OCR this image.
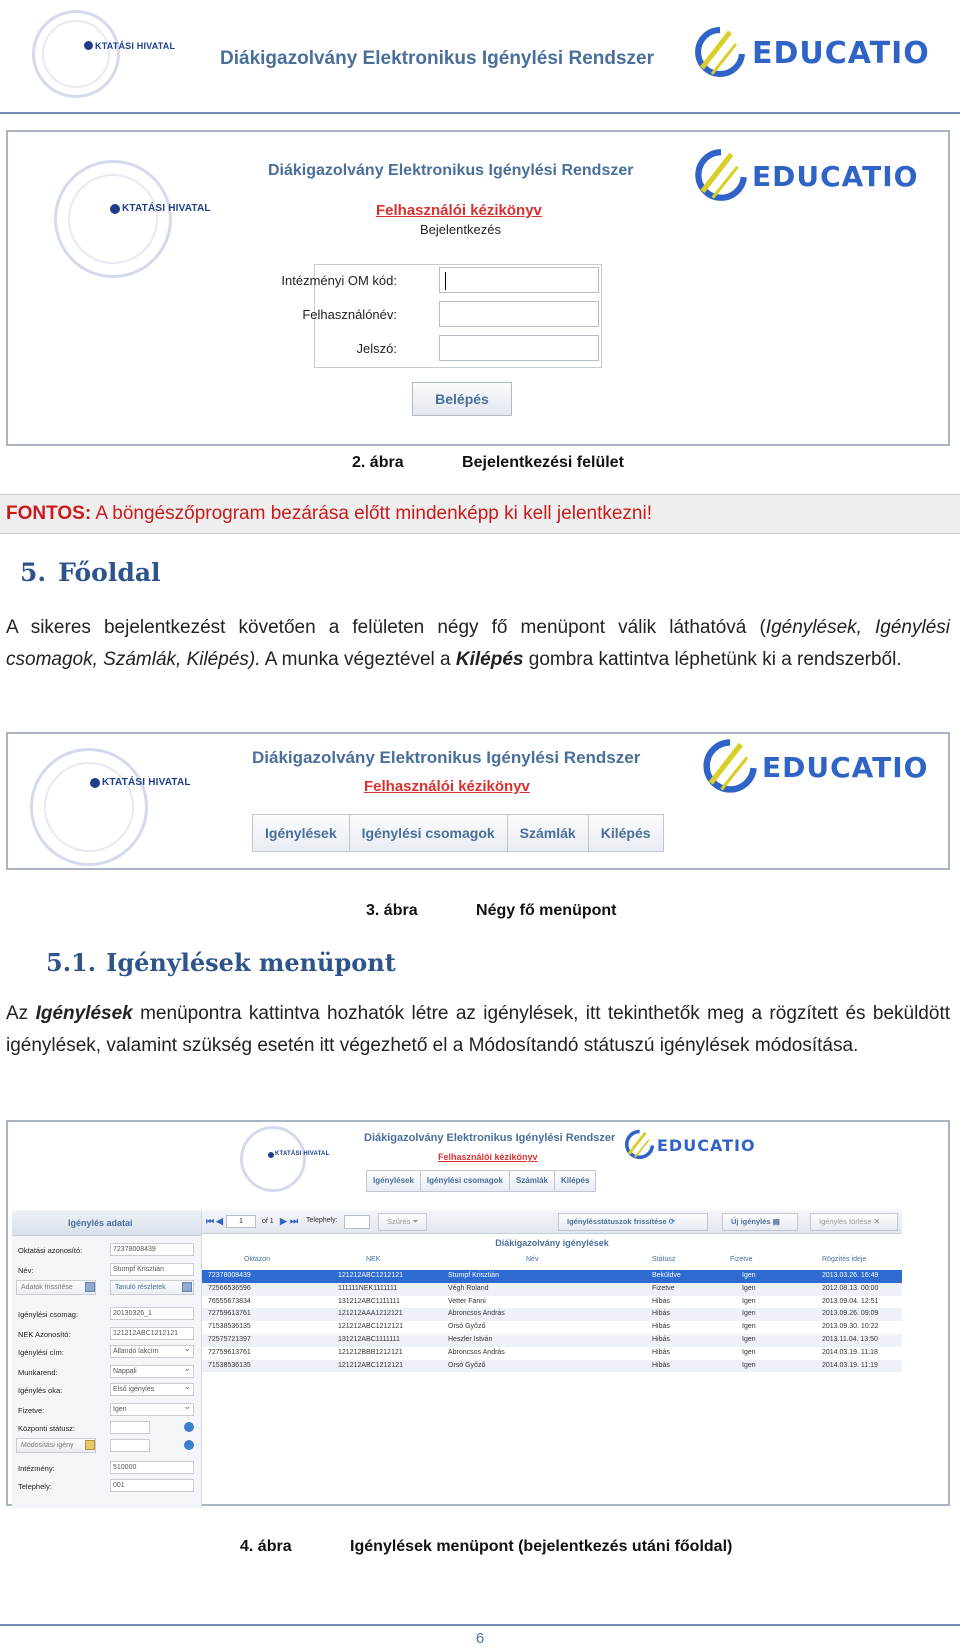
KTATÁSI HIVATAL
Diákigazolvány Elektronikus Igénylési Rendszer	EDUCATIO
KTATÁSI HIVATAL
Diákigazolvány Elektronikus Igénylési Rendszer	EDUCATIO
Felhasználói kézikönyv
Bejelentkezés
Intézményi OM kód:
Felhasználónév:
Jelszó:
Belépés
2. ábra	Bejelentkezési felület
FONTOS: A böngészőprogram bezárása előtt mindenképp ki kell jelentkezni!
5. Főoldal
A sikeres bejelentkezést követően a felületen négy fő menüpont válik láthatóvá (Igénylések, Igénylési csomagok, Számlák, Kilépés). A munka végeztével a Kilépés gombra kattintva léphetünk ki a rendszerből.
KTATÁSI HIVATAL
Diákigazolvány Elektronikus Igénylési Rendszer	EDUCATIO
Felhasználói kézikönyv
Igénylések	Igénylési csomagok	Számlák	Kilépés
3. ábra	Négy fő menüpont
5.1. Igénylések menüpont
Az Igénylések menüpontra kattintva hozhatók létre az igénylések, itt tekinthetők meg a rögzített és beküldött igénylések, valamint szükség esetén itt végezhető el a Módosítandó státuszú igénylések módosítása.
KTATÁSI HIVATAL
Diákigazolvány Elektronikus Igénylési Rendszer	EDUCATIO
Felhasználói kézikönyv
Igénylések	Igénylési csomagok	Számlák	Kilépés
Igénylés adatai
Oktatási azonosító:	72378008439
Név:	Stumpf Krisztián
Adatok frissítése	Tanuló részletek
Igénylési csomag:	20130326_1
NEK Azonosító:	121212ABC1212121
Igénylési cím:	Állandó lakcím ⌄
Munkarend:	Nappali ⌄
Igénylés oka:	Első igénylés ⌄
Fizetve:	Igen ⌄
Központi státusz:
Módosítási igény
Intézmény:	510000
Telephely:	001
⏮ ◀	1	of 1 ▶ ⏭ Telephely:	Szűrés ⏷	Igénylésstátuszok frissítése ⟳	Új igénylés ▤	Igénylés törlése ✕
Diákigazolvány igénylések
Oktazon	NEK	Név	Státusz	Fizetve	Rögzítés ideje
72378008439	121212ABC1212121	Stumpf Krisztián	Beküldve	Igen	2013.03.26. 16:49
72566536596	111111NEK1111111	Végh Roland	Fizetve	Igen	2012.08.13. 00:00
76555673834	131212ABC1111111	Vetter Fanni	Hibás	Igen	2013.09.04. 12:51
72759613761	121212AAA1212121	Abroncsos András	Hibás	Igen	2013.09.26. 09:09
71538536135	121212ABC1212121	Orsó Győző	Hibás	Igen	2013.09.30. 10:22
72575721397	131212ABC1111111	Heszler István	Hibás	Igen	2013.11.04. 13:50
72759613761	121212BBB1212121	Abroncsos András	Hibás	Igen	2014.03.19. 11:18
71538536135	121212ABC1212121	Orsó Győző	Hibás	Igen	2014.03.19. 11:19
4. ábra	Igénylések menüpont (bejelentkezés utáni főoldal)
6
